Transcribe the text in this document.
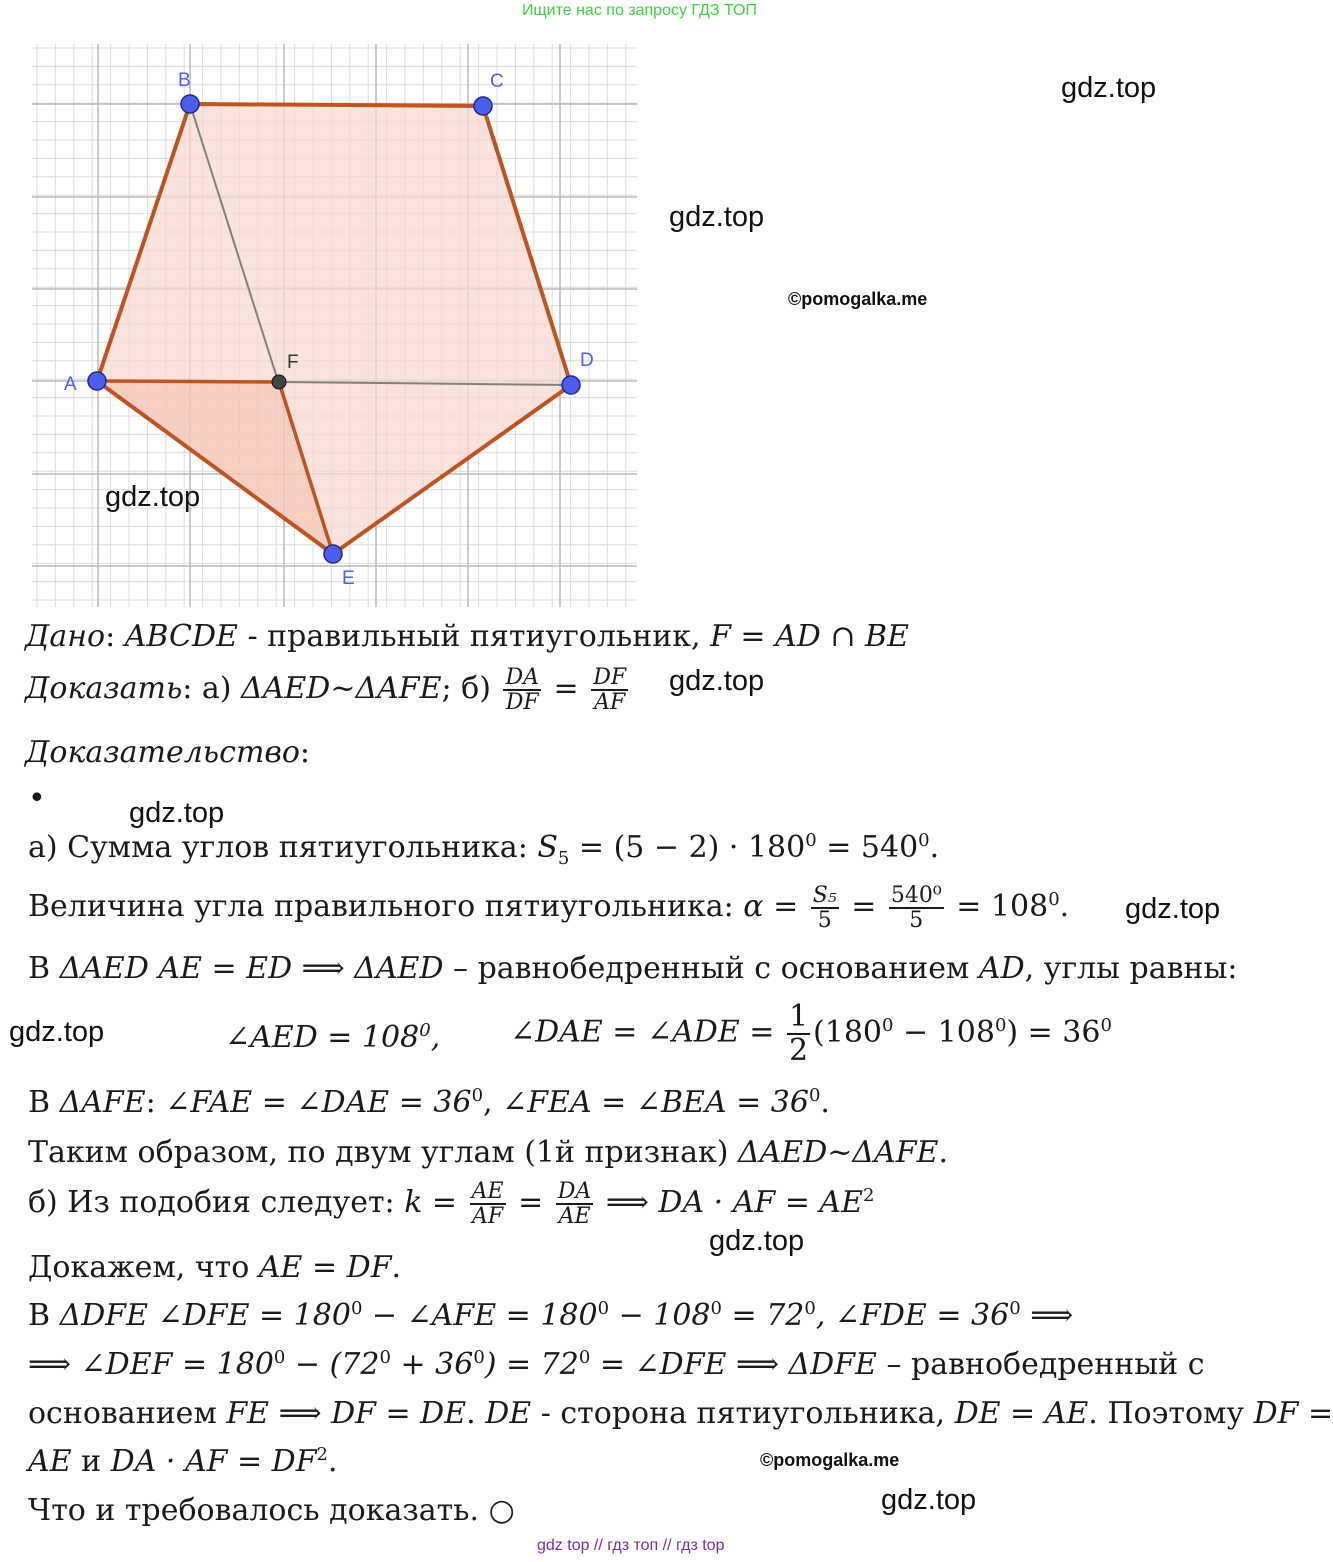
Ищите нас по запросу ГДЗ ТОП
A
B	C
D
E
F
gdz.top
gdz.top
©pomogalka.me
gdz.top
gdz.top
gdz.top
gdz.top
gdz.top
gdz.top
©pomogalka.me
gdz.top
Дано: ABCDE - правильный пятиугольник, F = AD ∩ BE
Доказать: а) ΔAED~ΔAFE; $б) \frac{DA}{DF} = \frac{DF}{AF}$
Доказательство:
•
а) Сумма углов пятиугольника: $S_5 = (5 - 2) \cdot 180^0 = 540^0$.
Величина угла правильного пятиугольника: $\alpha = \frac{\text{S₅}}{5} = \frac{\text{540⁰}}{5} = 108^0$.
В ΔAED AE = ED ⟹ ΔAED – равнобедренный с основанием AD, углы равны:
∠AED = $108^0$, ∠DAE = ∠ADE = $\frac{1}{2} (180^0 - 108^0) = 36^0$
В ΔAFE: ∠FAE = ∠DAE = $36^0$, ∠FEA = ∠BEA = $36^0$.
Таким образом, по двум углам (1й признак) ΔAED~ΔAFE.
б) Из подобия следует: $k = \frac{AE}{AF} = \frac{DA}{AE}$ ⟹ DA · AF = $AE^2$
Докажем, что AE = DF.
В ΔDFE ∠DFE = $180^0$ − ∠AFE = $180^0 - 108^0 = 72^0$, ∠FDE = $36^0$ ⟹
⟹ ∠DEF = $180^0 - (72^0 + 36^0) = 72^0$ = ∠DFE ⟹ ΔDFE – равнобедренный с
основанием FE ⟹ DF = DE. DE - сторона пятиугольника, DE = AE. Поэтому DF =
AE и DA · AF = $DF^2$.
Что и требовалось доказать. ○
gdz top // гдз топ // гдз top
